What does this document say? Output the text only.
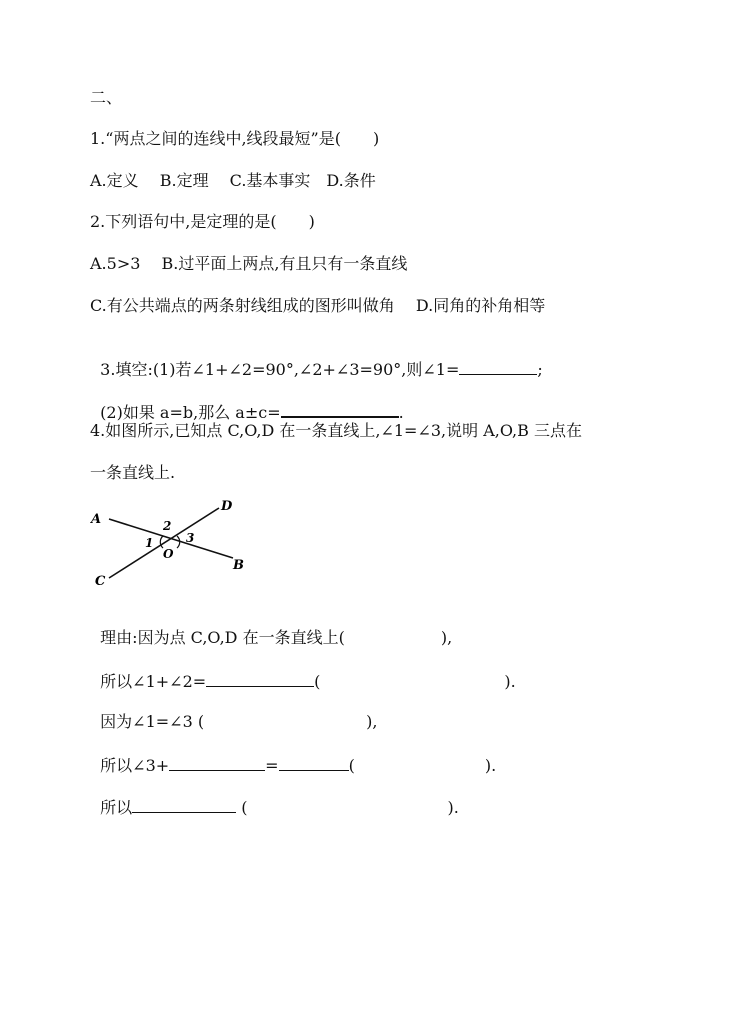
二、
1.“两点之间的连线中,线段最短”是(　　)
A.定义　 B.定理　 C.基本事实　D.条件
2.下列语句中,是定理的是(　　)
A.5>3　 B.过平面上两点,有且只有一条直线
C.有公共端点的两条射线组成的图形叫做角　 D.同角的补角相等

3.填空:(1)若∠1+∠2=90°,∠2+∠3=90°,则∠1=	;

(2)如果 a=b,那么 a±c=	.

4.如图所示,已知点 C,O,D 在一条直线上,∠1=∠3,说明 A,O,B 三点在
一条直线上.
A
D
B
C
O
1
2
3

理由:因为点 C,O,D 在一条直线上(	),

所以∠1+∠2=	(	).

因为∠1=∠3 (	),

所以∠3+	=	(	).

所以	(	).
